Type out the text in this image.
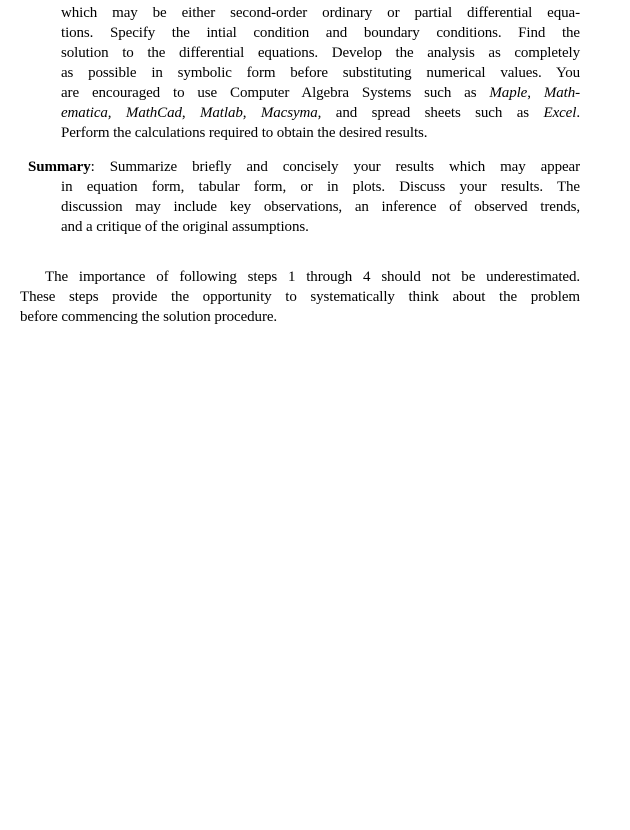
which may be either second-order ordinary or partial differential equa-
tions. Specify the intial condition and boundary conditions. Find the
solution to the differential equations. Develop the analysis as completely
as possible in symbolic form before substituting numerical values. You
are encouraged to use Computer Algebra Systems such as Maple, Math-
ematica, MathCad, Matlab, Macsyma, and spread sheets such as Excel.
Perform the calculations required to obtain the desired results.
Summary: Summarize briefly and concisely your results which may appear
in equation form, tabular form, or in plots. Discuss your results. The
discussion may include key observations, an inference of observed trends,
and a critique of the original assumptions.
The importance of following steps 1 through 4 should not be underestimated.
These steps provide the opportunity to systematically think about the problem
before commencing the solution procedure.
